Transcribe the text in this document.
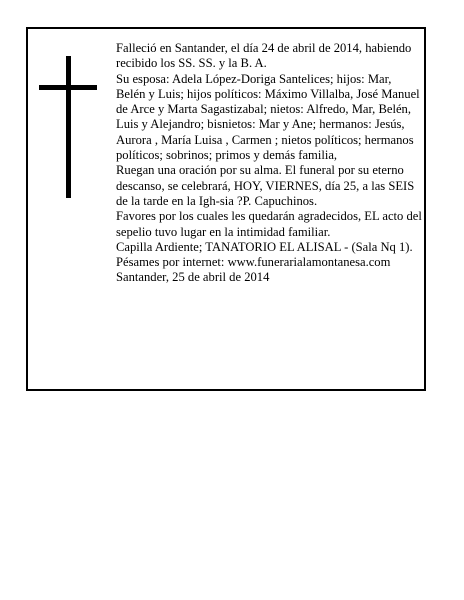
Falleció en Santander, el día 24 de abril de 2014, habiendo recibido los SS. SS. y la B. A.

Su esposa: Adela López-Doriga Santelices; hijos: Mar, Belén y Luis; hijos políticos: Máximo Villalba, José Manuel de Arce y Marta Sagastizabal; nietos: Alfredo, Mar, Belén, Luis y Alejandro; bisnietos: Mar y Ane; hermanos: Jesús, Aurora , María Luisa , Carmen ; nietos políticos; hermanos políticos; sobrinos; primos y demás familia,

Ruegan una oración por su alma. El funeral por su eterno descanso, se celebrará, HOY, VIERNES, día 25, a las SEIS de la tarde en la Igh-sia ?P. Capuchinos.

Favores por los cuales les quedarán agradecidos, EL acto del sepelio tuvo lugar en la intimidad familiar.

Capilla Ardiente; TANATORIO EL ALISAL - (Sala Nq 1).

Pésames por internet: www.funerarialamontanesa.com

Santander, 25 de abril de 2014
